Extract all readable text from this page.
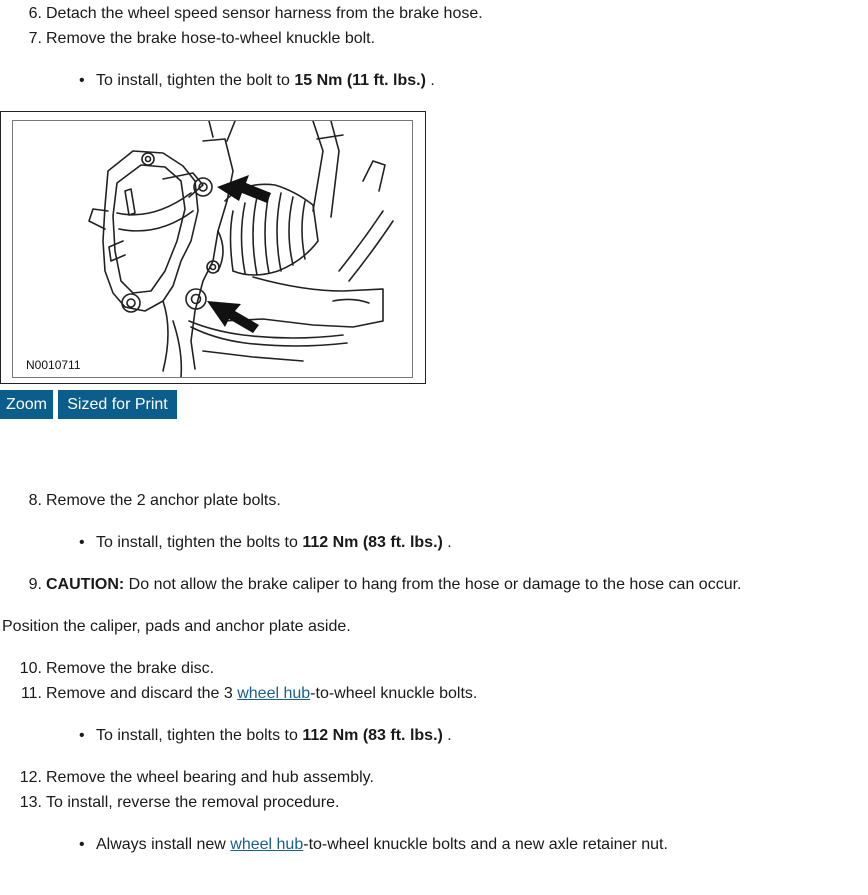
6. Detach the wheel speed sensor harness from the brake hose.
7. Remove the brake hose-to-wheel knuckle bolt.
• To install, tighten the bolt to 15 Nm (11 ft. lbs.) .
N0010711
Zoom	Sized for Print
8. Remove the 2 anchor plate bolts.
• To install, tighten the bolts to 112 Nm (83 ft. lbs.) .
9. CAUTION: Do not allow the brake caliper to hang from the hose or damage to the hose can occur.
Position the caliper, pads and anchor plate aside.
10. Remove the brake disc.
11. Remove and discard the 3 wheel hub-to-wheel knuckle bolts.
• To install, tighten the bolts to 112 Nm (83 ft. lbs.) .
12. Remove the wheel bearing and hub assembly.
13. To install, reverse the removal procedure.
• Always install new wheel hub-to-wheel knuckle bolts and a new axle retainer nut.
